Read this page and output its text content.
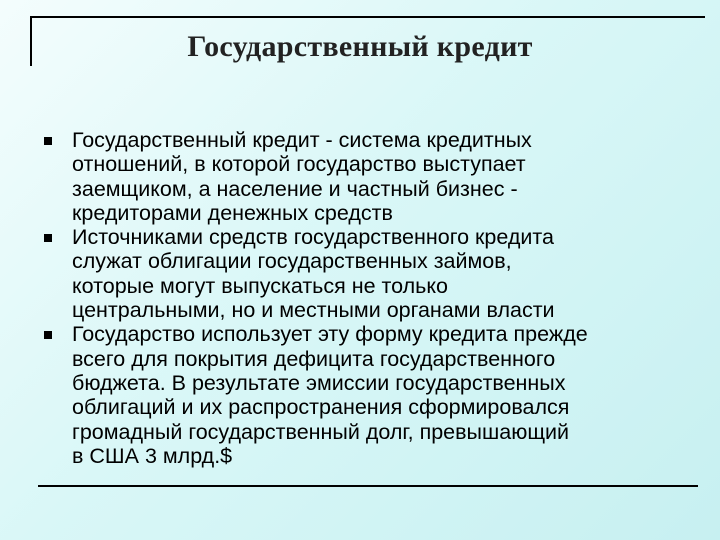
Государственный кредит
Государственный кредит - система кредитных
отношений, в которой государство выступает
заемщиком, а население и частный бизнес -
кредиторами денежных средств
Источниками средств государственного кредита
служат облигации государственных займов,
которые могут выпускаться не только
центральными, но и местными органами власти
Государство использует эту форму кредита прежде
всего для покрытия дефицита государственного
бюджета. В результате эмиссии государственных
облигаций и их распространения сформировался
громадный государственный долг, превышающий
в США 3 млрд.$
